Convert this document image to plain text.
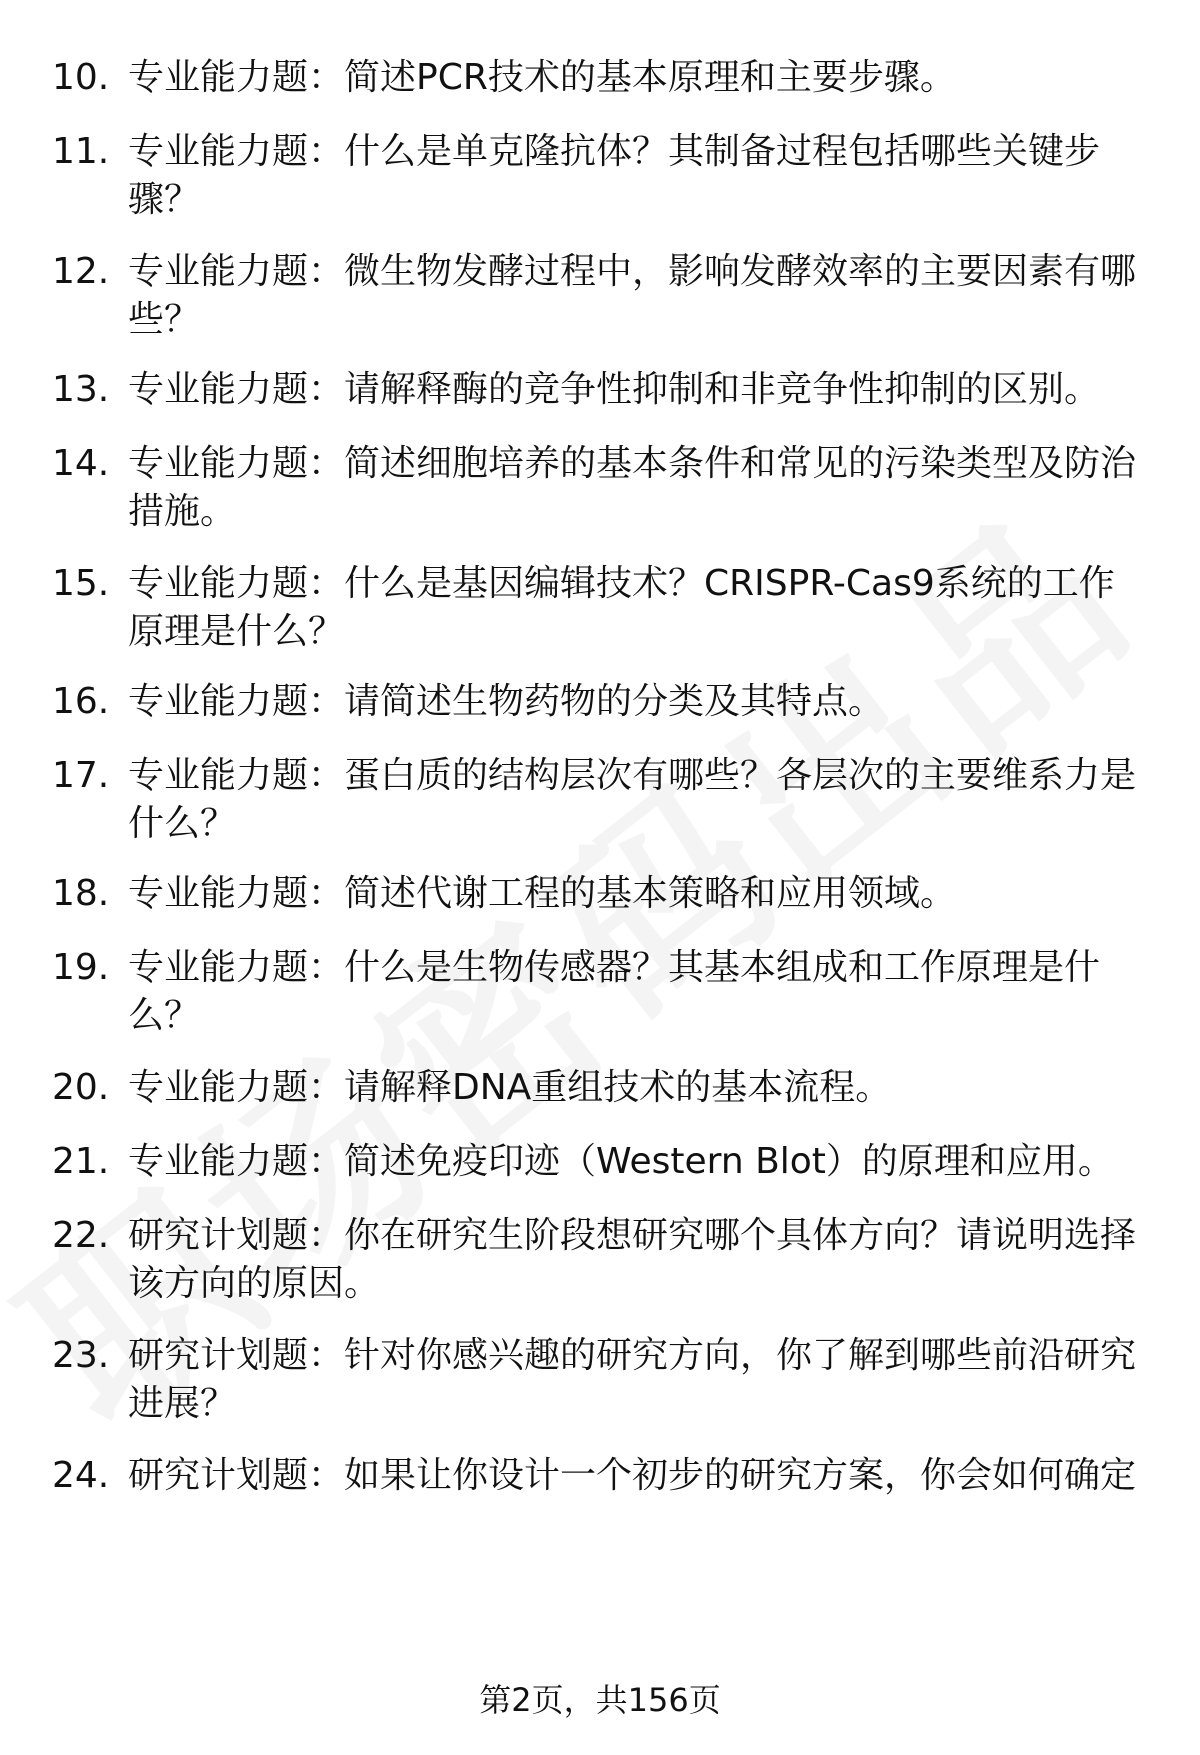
10. 专业能力题：简述PCR技术的基本原理和主要步骤。
11. 专业能力题：什么是单克隆抗体？其制备过程包括哪些关键步骤？
12. 专业能力题：微生物发酵过程中，影响发酵效率的主要因素有哪些？
13. 专业能力题：请解释酶的竞争性抑制和非竞争性抑制的区别。
14. 专业能力题：简述细胞培养的基本条件和常见的污染类型及防治措施。
15. 专业能力题：什么是基因编辑技术？CRISPR-Cas9系统的工作原理是什么？
16. 专业能力题：请简述生物药物的分类及其特点。
17. 专业能力题：蛋白质的结构层次有哪些？各层次的主要维系力是什么？
18. 专业能力题：简述代谢工程的基本策略和应用领域。
19. 专业能力题：什么是生物传感器？其基本组成和工作原理是什么？
20. 专业能力题：请解释DNA重组技术的基本流程。
21. 专业能力题：简述免疫印迹（Western Blot）的原理和应用。
22. 研究计划题：你在研究生阶段想研究哪个具体方向？请说明选择该方向的原因。
23. 研究计划题：针对你感兴趣的研究方向，你了解到哪些前沿研究进展？
24. 研究计划题：如果让你设计一个初步的研究方案，你会如何确定
第2页，共156页
